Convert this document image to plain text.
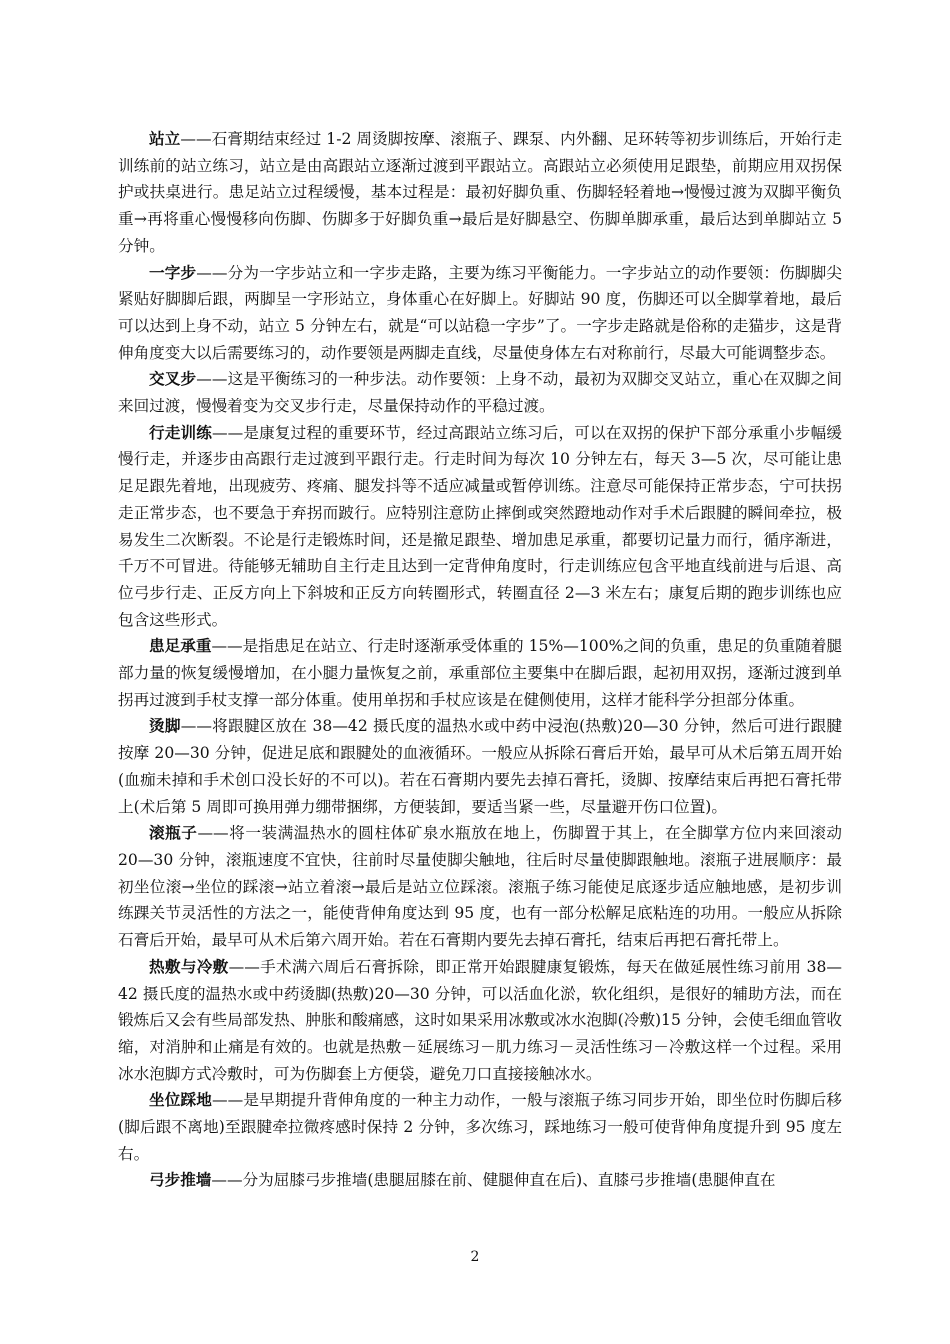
站立——石膏期结束经过 1-2 周烫脚按摩、滚瓶子、踝泵、内外翻、足环转等初步训练后，开始行走训练前的站立练习，站立是由高跟站立逐渐过渡到平跟站立。高跟站立必须使用足跟垫，前期应用双拐保护或扶桌进行。患足站立过程缓慢，基本过程是：最初好脚负重、伤脚轻轻着地→慢慢过渡为双脚平衡负重→再将重心慢慢移向伤脚、伤脚多于好脚负重→最后是好脚悬空、伤脚单脚承重，最后达到单脚站立 5 分钟。

一字步——分为一字步站立和一字步走路，主要为练习平衡能力。一字步站立的动作要领：伤脚脚尖紧贴好脚脚后跟，两脚呈一字形站立，身体重心在好脚上。好脚站 90 度，伤脚还可以全脚掌着地，最后可以达到上身不动，站立 5 分钟左右，就是“可以站稳一字步”了。一字步走路就是俗称的走猫步，这是背伸角度变大以后需要练习的，动作要领是两脚走直线，尽量使身体左右对称前行，尽最大可能调整步态。

交叉步——这是平衡练习的一种步法。动作要领：上身不动，最初为双脚交叉站立，重心在双脚之间来回过渡，慢慢着变为交叉步行走，尽量保持动作的平稳过渡。

行走训练——是康复过程的重要环节，经过高跟站立练习后，可以在双拐的保护下部分承重小步幅缓慢行走，并逐步由高跟行走过渡到平跟行走。行走时间为每次 10 分钟左右，每天 3—5 次，尽可能让患足足跟先着地，出现疲劳、疼痛、腿发抖等不适应减量或暂停训练。注意尽可能保持正常步态，宁可扶拐走正常步态，也不要急于弃拐而跛行。应特别注意防止摔倒或突然蹬地动作对手术后跟腱的瞬间牵拉，极易发生二次断裂。不论是行走锻炼时间，还是撤足跟垫、增加患足承重，都要切记量力而行，循序渐进，千万不可冒进。待能够无辅助自主行走且达到一定背伸角度时，行走训练应包含平地直线前进与后退、高位弓步行走、正反方向上下斜坡和正反方向转圈形式，转圈直径 2—3 米左右；康复后期的跑步训练也应包含这些形式。

患足承重——是指患足在站立、行走时逐渐承受体重的 15%—100%之间的负重，患足的负重随着腿部力量的恢复缓慢增加，在小腿力量恢复之前，承重部位主要集中在脚后跟，起初用双拐，逐渐过渡到单拐再过渡到手杖支撑一部分体重。使用单拐和手杖应该是在健侧使用，这样才能科学分担部分体重。

烫脚——将跟腱区放在 38—42 摄氏度的温热水或中药中浸泡(热敷)20—30 分钟，然后可进行跟腱按摩 20—30 分钟，促进足底和跟腱处的血液循环。一般应从拆除石膏后开始，最早可从术后第五周开始(血痂未掉和手术创口没长好的不可以)。若在石膏期内要先去掉石膏托，烫脚、按摩结束后再把石膏托带上(术后第 5 周即可换用弹力绷带捆绑，方便装卸，要适当紧一些，尽量避开伤口位置)。

滚瓶子——将一装满温热水的圆柱体矿泉水瓶放在地上，伤脚置于其上，在全脚掌方位内来回滚动 20—30 分钟，滚瓶速度不宜快，往前时尽量使脚尖触地，往后时尽量使脚跟触地。滚瓶子进展顺序：最初坐位滚→坐位的踩滚→站立着滚→最后是站立位踩滚。滚瓶子练习能使足底逐步适应触地感，是初步训练踝关节灵活性的方法之一，能使背伸角度达到 95 度，也有一部分松解足底粘连的功用。一般应从拆除石膏后开始，最早可从术后第六周开始。若在石膏期内要先去掉石膏托，结束后再把石膏托带上。

热敷与冷敷——手术满六周后石膏拆除，即正常开始跟腱康复锻炼，每天在做延展性练习前用 38—42 摄氏度的温热水或中药烫脚(热敷)20—30 分钟，可以活血化淤，软化组织，是很好的辅助方法，而在锻炼后又会有些局部发热、肿胀和酸痛感，这时如果采用冰敷或冰水泡脚(冷敷)15 分钟，会使毛细血管收缩，对消肿和止痛是有效的。也就是热敷－延展练习－肌力练习－灵活性练习－冷敷这样一个过程。采用冰水泡脚方式冷敷时，可为伤脚套上方便袋，避免刀口直接接触冰水。

坐位踩地——是早期提升背伸角度的一种主力动作，一般与滚瓶子练习同步开始，即坐位时伤脚后移(脚后跟不离地)至跟腱牵拉微疼感时保持 2 分钟，多次练习，踩地练习一般可使背伸角度提升到 95 度左右。

弓步推墙——分为屈膝弓步推墙(患腿屈膝在前、健腿伸直在后)、直膝弓步推墙(患腿伸直在

2
